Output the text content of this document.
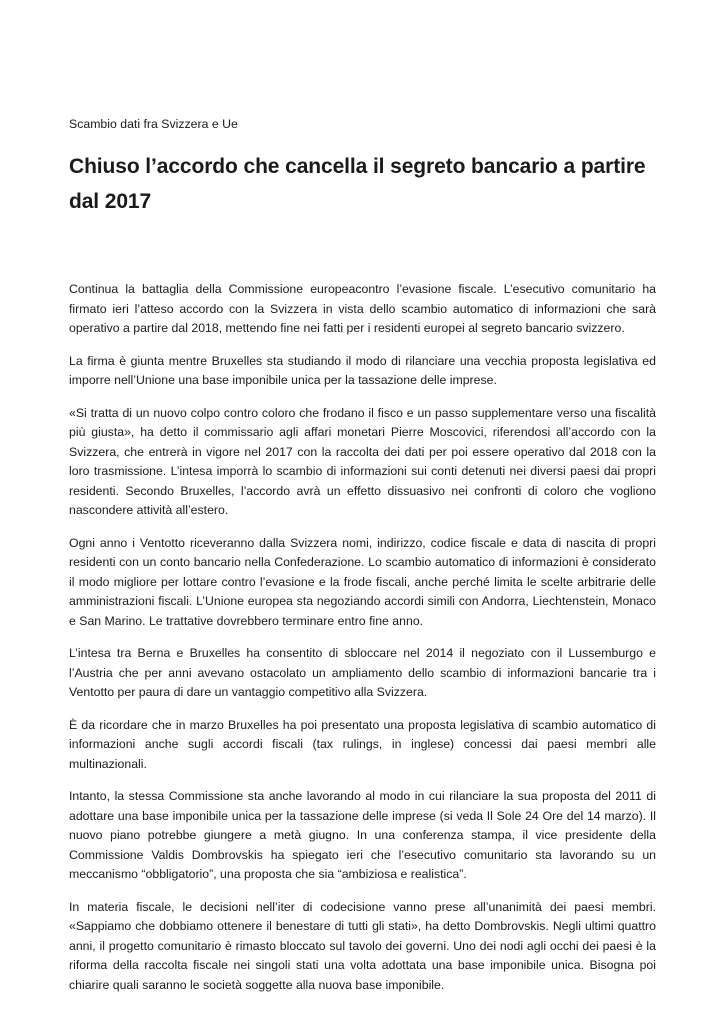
Scambio dati fra Svizzera e Ue
Chiuso l’accordo che cancella il segreto bancario a partire dal 2017

Continua la battaglia della Commissione europeacontro l’evasione fiscale. L’esecutivo comunitario ha firmato ieri l’atteso accordo con la Svizzera in vista dello scambio automatico di informazioni che sarà operativo a partire dal 2018, mettendo fine nei fatti per i residenti europei al segreto bancario svizzero.

La firma è giunta mentre Bruxelles sta studiando il modo di rilanciare una vecchia proposta legislativa ed imporre nell’Unione una base imponibile unica per la tassazione delle imprese.

«Si tratta di un nuovo colpo contro coloro che frodano il fisco e un passo supplementare verso una fiscalità più giusta», ha detto il commissario agli affari monetari Pierre Moscovici, riferendosi all’accordo con la Svizzera, che entrerà in vigore nel 2017 con la raccolta dei dati per poi essere operativo dal 2018 con la loro trasmissione. L’intesa imporrà lo scambio di informazioni sui conti detenuti nei diversi paesi dai propri residenti. Secondo Bruxelles, l’accordo avrà un effetto dissuasivo nei confronti di coloro che vogliono nascondere attività all’estero.

Ogni anno i Ventotto riceveranno dalla Svizzera nomi, indirizzo, codice fiscale e data di nascita di propri residenti con un conto bancario nella Confederazione. Lo scambio automatico di informazioni è considerato il modo migliore per lottare contro l’evasione e la frode fiscali, anche perché limita le scelte arbitrarie delle amministrazioni fiscali. L’Unione europea sta negoziando accordi simili con Andorra, Liechtenstein, Monaco e San Marino. Le trattative dovrebbero terminare entro fine anno.

L’intesa tra Berna e Bruxelles ha consentito di sbloccare nel 2014 il negoziato con il Lussemburgo e l’Austria che per anni avevano ostacolato un ampliamento dello scambio di informazioni bancarie tra i Ventotto per paura di dare un vantaggio competitivo alla Svizzera.

È da ricordare che in marzo Bruxelles ha poi presentato una proposta legislativa di scambio automatico di informazioni anche sugli accordi fiscali (tax rulings, in inglese) concessi dai paesi membri alle multinazionali.

Intanto, la stessa Commissione sta anche lavorando al modo in cui rilanciare la sua proposta del 2011 di adottare una base imponibile unica per la tassazione delle imprese (si veda Il Sole 24 Ore del 14 marzo). Il nuovo piano potrebbe giungere a metà giugno. In una conferenza stampa, il vice presidente della Commissione Valdis Dombrovskis ha spiegato ieri che l’esecutivo comunitario sta lavorando su un meccanismo “obbligatorio”, una proposta che sia “ambiziosa e realistica”.

In materia fiscale, le decisioni nell’iter di codecisione vanno prese all’unanimità dei paesi membri. «Sappiamo che dobbiamo ottenere il benestare di tutti gli stati», ha detto Dombrovskis. Negli ultimi quattro anni, il progetto comunitario è rimasto bloccato sul tavolo dei governi. Uno dei nodi agli occhi dei paesi è la riforma della raccolta fiscale nei singoli stati una volta adottata una base imponibile unica. Bisogna poi chiarire quali saranno le società soggette alla nuova base imponibile.
